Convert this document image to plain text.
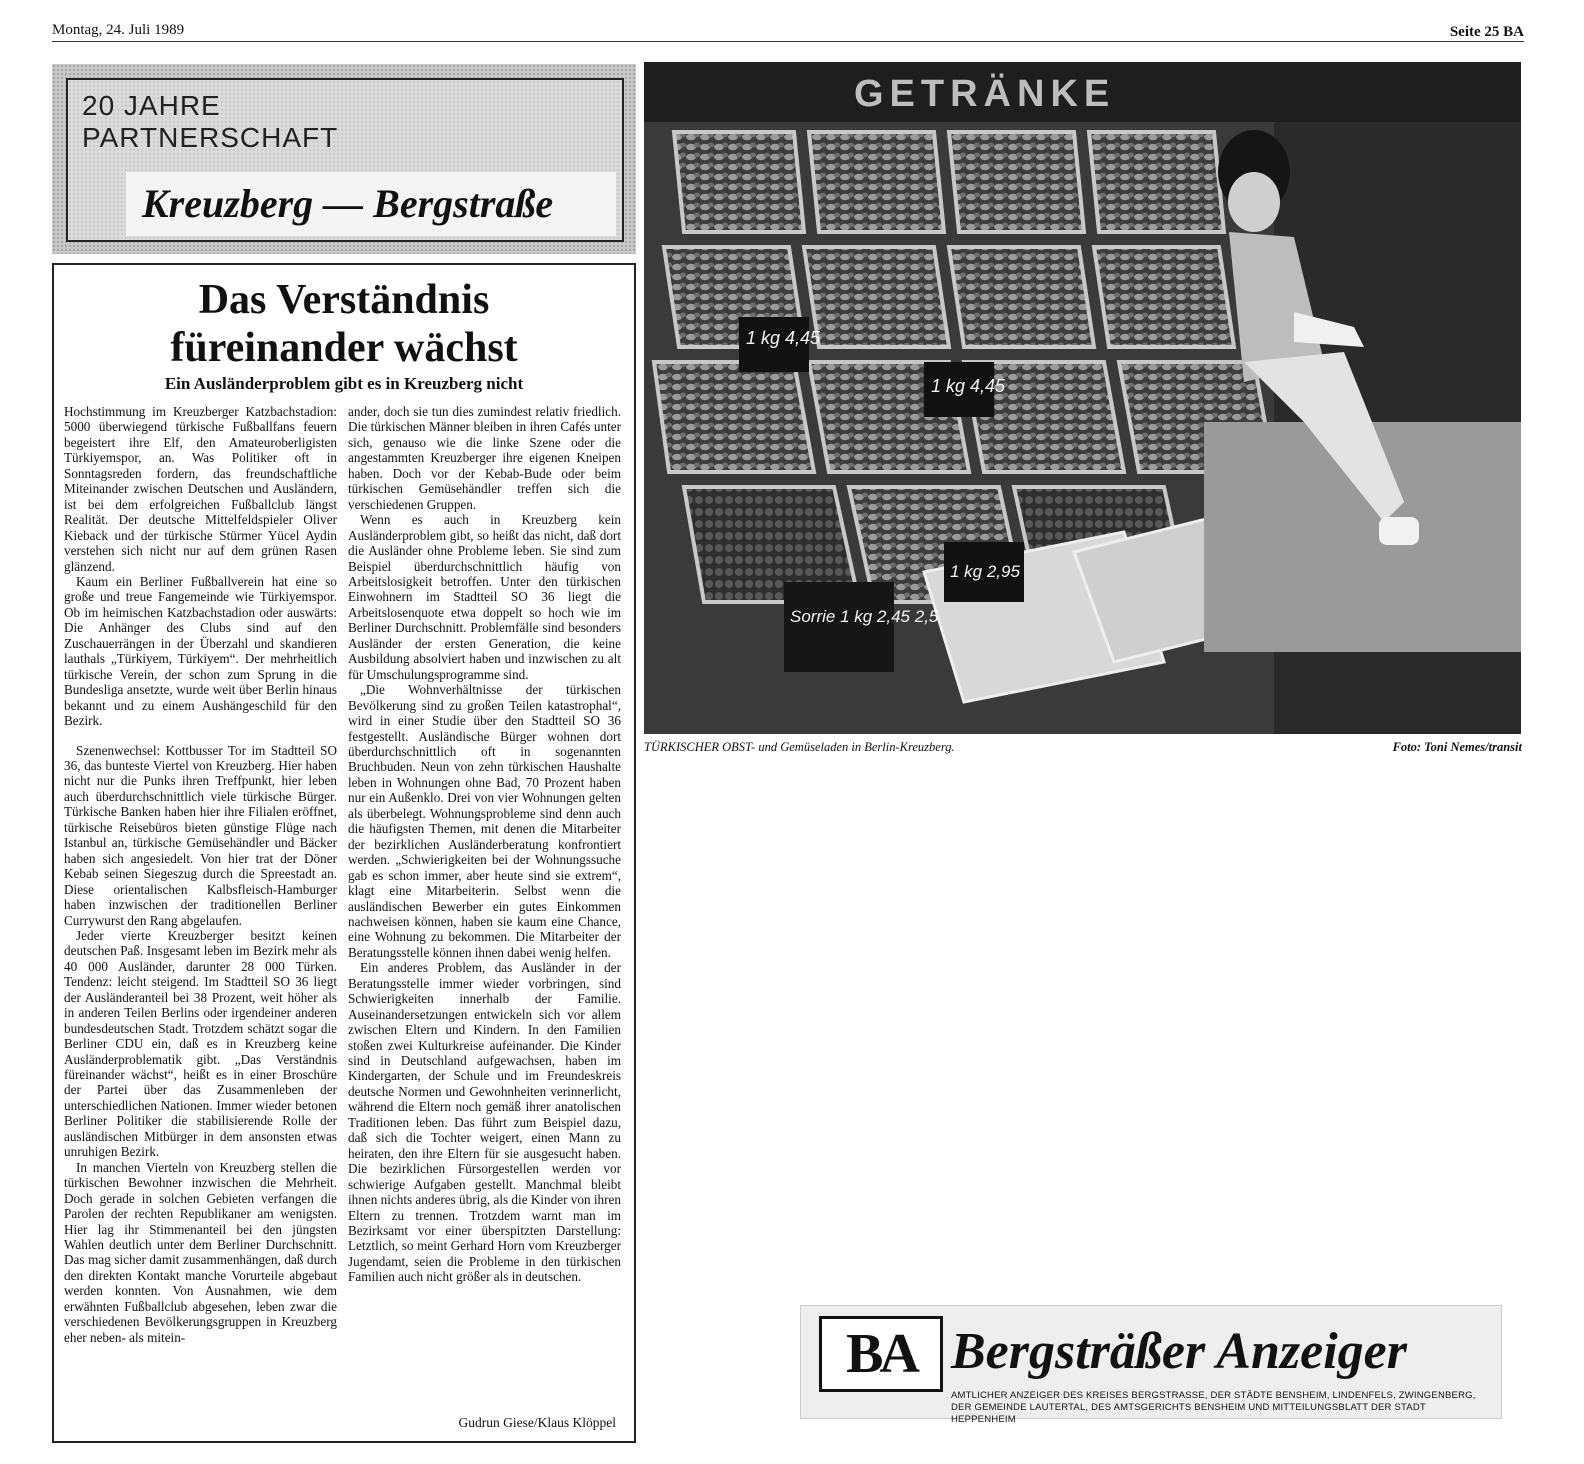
Montag, 24. Juli 1989	Seite 25 BA
20 JAHRE
PARTNERSCHAFT
Kreuzberg — Bergstraße
Das Verständnis
füreinander wächst
Ein Ausländerproblem gibt es in Kreuzberg nicht

Hochstimmung im Kreuzberger Katzbachstadion: 5000 überwiegend türkische Fußballfans feuern begeistert ihre Elf, den Amateuroberligisten Türkiyemspor, an. Was Politiker oft in Sonntagsreden fordern, das freundschaftliche Miteinander zwischen Deutschen und Ausländern, ist bei dem erfolgreichen Fußballclub längst Realität. Der deutsche Mittelfeldspieler Oliver Kieback und der türkische Stürmer Yücel Aydin verstehen sich nicht nur auf dem grünen Rasen glänzend.

Kaum ein Berliner Fußballverein hat eine so große und treue Fangemeinde wie Türkiyemspor. Ob im heimischen Katzbachstadion oder auswärts: Die Anhänger des Clubs sind auf den Zuschauerrängen in der Überzahl und skandieren lauthals „Türkiyem, Türkiyem“. Der mehrheitlich türkische Verein, der schon zum Sprung in die Bundesliga ansetzte, wurde weit über Berlin hinaus bekannt und zu einem Aushängeschild für den Bezirk.

Szenenwechsel: Kottbusser Tor im Stadtteil SO 36, das bunteste Viertel von Kreuzberg. Hier haben nicht nur die Punks ihren Treffpunkt, hier leben auch überdurchschnittlich viele türkische Bürger. Türkische Banken haben hier ihre Filialen eröffnet, türkische Reisebüros bieten günstige Flüge nach Istanbul an, türkische Gemüsehändler und Bäcker haben sich angesiedelt. Von hier trat der Döner Kebab seinen Siegeszug durch die Spreestadt an. Diese orientalischen Kalbsfleisch-Hamburger haben inzwischen der traditionellen Berliner Currywurst den Rang abgelaufen.

Jeder vierte Kreuzberger besitzt keinen deutschen Paß. Insgesamt leben im Bezirk mehr als 40 000 Ausländer, darunter 28 000 Türken. Tendenz: leicht steigend. Im Stadtteil SO 36 liegt der Ausländeranteil bei 38 Prozent, weit höher als in anderen Teilen Berlins oder irgendeiner anderen bundesdeutschen Stadt. Trotzdem schätzt sogar die Berliner CDU ein, daß es in Kreuzberg keine Ausländerproblematik gibt. „Das Verständnis füreinander wächst“, heißt es in einer Broschüre der Partei über das Zusammenleben der unterschiedlichen Nationen. Immer wieder betonen Berliner Politiker die stabilisierende Rolle der ausländischen Mitbürger in dem ansonsten etwas unruhigen Bezirk.

In manchen Vierteln von Kreuzberg stellen die türkischen Bewohner inzwischen die Mehrheit. Doch gerade in solchen Gebieten verfangen die Parolen der rechten Republikaner am wenigsten. Hier lag ihr Stimmenanteil bei den jüngsten Wahlen deutlich unter dem Berliner Durchschnitt. Das mag sicher damit zusammenhängen, daß durch den direkten Kontakt manche Vorurteile abgebaut werden konnten. Von Ausnahmen, wie dem erwähnten Fußballclub abgesehen, leben zwar die verschiedenen Bevölkerungsgruppen in Kreuzberg eher neben- als mitein-

ander, doch sie tun dies zumindest relativ friedlich. Die türkischen Männer bleiben in ihren Cafés unter sich, genauso wie die linke Szene oder die angestammten Kreuzberger ihre eigenen Kneipen haben. Doch vor der Kebab-Bude oder beim türkischen Gemüsehändler treffen sich die verschiedenen Gruppen.

Wenn es auch in Kreuzberg kein Ausländerproblem gibt, so heißt das nicht, daß dort die Ausländer ohne Probleme leben. Sie sind zum Beispiel überdurchschnittlich häufig von Arbeitslosigkeit betroffen. Unter den türkischen Einwohnern im Stadtteil SO 36 liegt die Arbeitslosenquote etwa doppelt so hoch wie im Berliner Durchschnitt. Problemfälle sind besonders Ausländer der ersten Generation, die keine Ausbildung absolviert haben und inzwischen zu alt für Umschulungsprogramme sind.

„Die Wohnverhältnisse der türkischen Bevölkerung sind zu großen Teilen katastrophal“, wird in einer Studie über den Stadtteil SO 36 festgestellt. Ausländische Bürger wohnen dort überdurchschnittlich oft in sogenannten Bruchbuden. Neun von zehn türkischen Haushalte leben in Wohnungen ohne Bad, 70 Prozent haben nur ein Außenklo. Drei von vier Wohnungen gelten als überbelegt. Wohnungsprobleme sind denn auch die häufigsten Themen, mit denen die Mitarbeiter der bezirklichen Ausländerberatung konfrontiert werden. „Schwierigkeiten bei der Wohnungssuche gab es schon immer, aber heute sind sie extrem“, klagt eine Mitarbeiterin. Selbst wenn die ausländischen Bewerber ein gutes Einkommen nachweisen können, haben sie kaum eine Chance, eine Wohnung zu bekommen. Die Mitarbeiter der Beratungsstelle können ihnen dabei wenig helfen.

Ein anderes Problem, das Ausländer in der Beratungsstelle immer wieder vorbringen, sind Schwierigkeiten innerhalb der Familie. Auseinandersetzungen entwickeln sich vor allem zwischen Eltern und Kindern. In den Familien stoßen zwei Kulturkreise aufeinander. Die Kinder sind in Deutschland aufgewachsen, haben im Kindergarten, der Schule und im Freundeskreis deutsche Normen und Gewohnheiten verinnerlicht, während die Eltern noch gemäß ihrer anatolischen Traditionen leben. Das führt zum Beispiel dazu, daß sich die Tochter weigert, einen Mann zu heiraten, den ihre Eltern für sie ausgesucht haben. Die bezirklichen Fürsorgestellen werden vor schwierige Aufgaben gestellt. Manchmal bleibt ihnen nichts anderes übrig, als die Kinder von ihren Eltern zu trennen. Trotzdem warnt man im Bezirksamt vor einer überspitzten Darstellung: Letztlich, so meint Gerhard Horn vom Kreuzberger Jugendamt, seien die Probleme in den türkischen Familien auch nicht größer als in deutschen.

Gudrun Giese/Klaus Klöppel
GETRÄNKE
1 kg 4,45
1 kg 4,45
Sorrie 1 kg 2,45 2,5
1 kg 2,95
TÜRKISCHER OBST- und Gemüseladen in Berlin-Kreuzberg.	Foto: Toni Nemes/transit
BA Bergsträßer Anzeiger
AMTLICHER ANZEIGER DES KREISES BERGSTRASSE, DER STÄDTE BENSHEIM, LINDENFELS, ZWINGENBERG, DER GEMEINDE LAUTERTAL, DES AMTSGERICHTS BENSHEIM UND MITTEILUNGSBLATT DER STADT HEPPENHEIM
